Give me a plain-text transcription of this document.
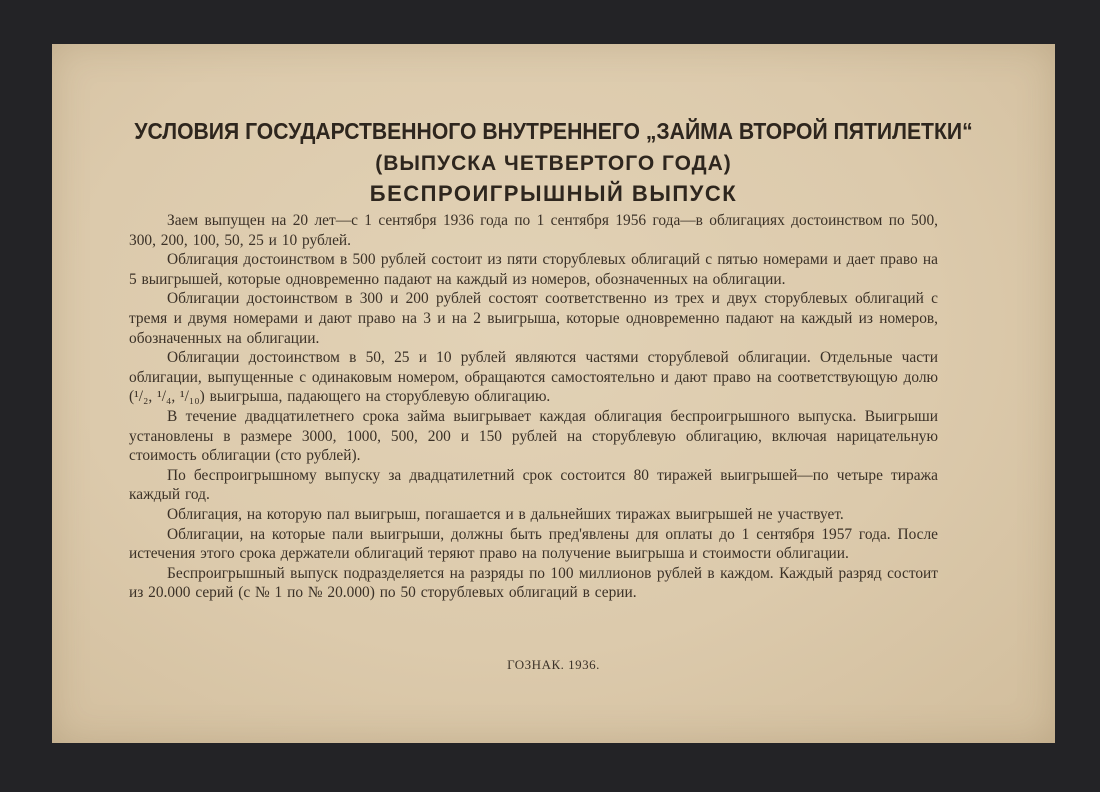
УСЛОВИЯ ГОСУДАРСТВЕННОГО ВНУТРЕННЕГО „ЗАЙМА ВТОРОЙ ПЯТИЛЕТКИ“
(ВЫПУСКА ЧЕТВЕРТОГО ГОДА)
БЕСПРОИГРЫШНЫЙ ВЫПУСК

Заем выпущен на 20 лет—с 1 сентября 1936 года по 1 сентября 1956 года—в облигациях достоинством по 500, 300, 200, 100, 50, 25 и 10 рублей.

Облигация достоинством в 500 рублей состоит из пяти сторублевых облигаций с пятью номерами и дает право на 5 выигрышей, которые одновременно падают на каждый из номеров, обозначенных на облигации.

Облигации достоинством в 300 и 200 рублей состоят соответственно из трех и двух сторублевых облигаций с тремя и двумя номерами и дают право на 3 и на 2 выигрыша, которые одновременно падают на каждый из номеров, обозначенных на облигации.

Облигации достоинством в 50, 25 и 10 рублей являются частями сторублевой облигации. Отдельные части облигации, выпущенные с одинаковым номером, обращаются самостоятельно и дают право на соответствующую долю (¹/₂, ¹/₄, ¹/₁₀) выигрыша, падающего на сторублевую облигацию.

В течение двадцатилетнего срока займа выигрывает каждая облигация беспроигрышного выпуска. Выигрыши установлены в размере 3000, 1000, 500, 200 и 150 рублей на сторублевую облигацию, включая нарицательную стоимость облигации (сто рублей).

По беспроигрышному выпуску за двадцатилетний срок состоится 80 тиражей выигрышей—по четыре тиража каждый год.

Облигация, на которую пал выигрыш, погашается и в дальнейших тиражах выигрышей не участвует.

Облигации, на которые пали выигрыши, должны быть пред'явлены для оплаты до 1 сентября 1957 года. После истечения этого срока держатели облигаций теряют право на получение выигрыша и стоимости облигации.

Беспроигрышный выпуск подразделяется на разряды по 100 миллионов рублей в каждом. Каждый разряд состоит из 20.000 серий (с № 1 по № 20.000) по 50 сторублевых облигаций в серии.

ГОЗНАК. 1936.
